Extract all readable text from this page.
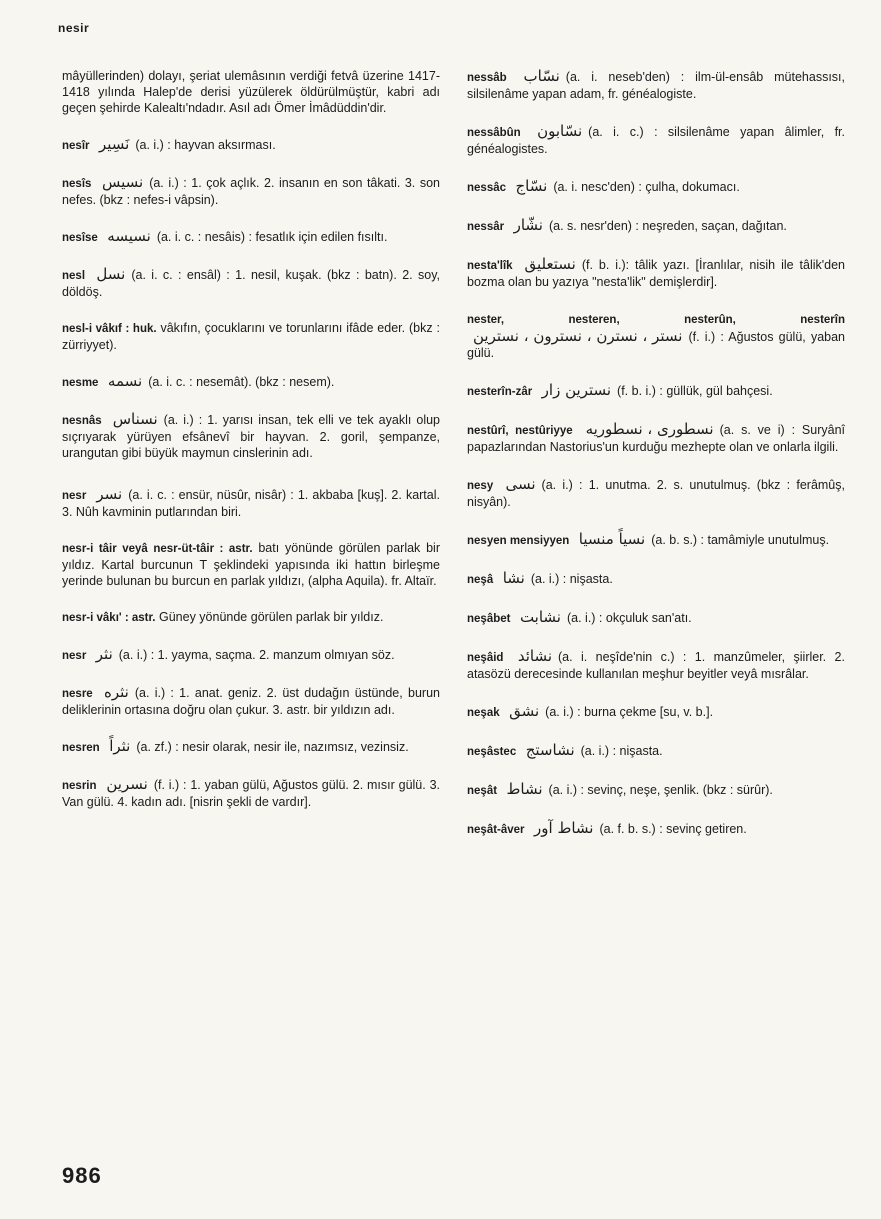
nesir
mâyüllerinden) dolayı, şeriat ulemâsının verdiği fetvâ üzerine 1417-1418 yılında Halep'de derisi yüzülerek öldürülmüştür, kabri adı geçen şehirde Kalealtı'ndadır. Asıl adı Ömer İmâdüddin'dir.
nesîr نَسِير (a. i.) : hayvan aksırması.
nesîs نسيس (a. i.) : 1. çok açlık. 2. insanın en son tâkati. 3. son nefes. (bkz : nefes-i vâpsin).
nesîse نسيسه (a. i. c. : nesâis) : fesatlık için edilen fısıltı.
nesl نسل (a. i. c. : ensâl) : 1. nesil, kuşak. (bkz : batn). 2. soy, döldöş.
nesl-i vâkıf : huk. vâkıfın, çocuklarını ve torunlarını ifâde eder. (bkz : zürriyyet).
nesme نسمه (a. i. c. : nesemât). (bkz : nesem).
nesnâs نسناس (a. i.) : 1. yarısı insan, tek elli ve tek ayaklı olup sıçrıyarak yürüyen efsânevî bir hayvan. 2. goril, şempanze, urangutan gibi büyük maymun cinslerinin adı.
nesr نسر (a. i. c. : ensür, nüsûr, nisâr) : 1. akbaba [kuş]. 2. kartal. 3. Nûh kavminin putlarından biri.
nesr-i tâir veyâ nesr-üt-tâir : astr. batı yönünde görülen parlak bir yıldız. Kartal burcunun T şeklindeki yapısında iki hattın birleşme yerinde bulunan bu burcun en parlak yıldızı, (alpha Aquila). fr. Altaïr.
nesr-i vâkı' : astr. Güney yönünde görülen parlak bir yıldız.
nesr نثر (a. i.) : 1. yayma, saçma. 2. manzum olmıyan söz.
nesre نثره (a. i.) : 1. anat. geniz. 2. üst dudağın üstünde, burun deliklerinin ortasına doğru olan çukur. 3. astr. bir yıldızın adı.
nesren نثراً (a. zf.) : nesir olarak, nesir ile, nazımsız, vezinsiz.
nesrin نسرين (f. i.) : 1. yaban gülü, Ağustos gülü. 2. mısır gülü. 3. Van gülü. 4. kadın adı. [nisrin şekli de vardır].
nessâb نسّاب (a. i. neseb'den) : ilm-ül-ensâb mütehassısı, silsilenâme yapan adam, fr. généalogiste.
nessâbûn نسّابون (a. i. c.) : silsilenâme yapan âlimler, fr. généalogistes.
nessâc نسّاج (a. i. nesc'den) : çulha, dokumacı.
nessâr نشّار (a. s. nesr'den) : neşreden, saçan, dağıtan.
nesta'lîk نستعليق (f. b. i.): tâlik yazı. [İranlılar, nisih ile tâlik'den bozma olan bu yazıya "nesta'lik" demişlerdir].
nester, nesteren, nesterûn, nesterîn نستر ، نسترن ، نسترون ، نسترين (f. i.) : Ağustos gülü, yaban gülü.
nesterîn-zâr نسترين زار (f. b. i.) : güllük, gül bahçesi.
nestûrî, nestûriyye نسطورى ، نسطوريه (a. s. ve i) : Suryânî papazlarından Nastorius'un kurduğu mezhepte olan ve onlarla ilgili.
nesy نسى (a. i.) : 1. unutma. 2. s. unutulmuş. (bkz : ferâmûş, nisyân).
nesyen mensiyyen نسياً منسيا (a. b. s.) : tamâmiyle unutulmuş.
neşâ نشا (a. i.) : nişasta.
neşâbet نشابت (a. i.) : okçuluk san'atı.
neşâid نشائد (a. i. neşîde'nin c.) : 1. manzûmeler, şiirler. 2. atasözü derecesinde kullanılan meşhur beyitler veyâ mısrâlar.
neşak نشق (a. i.) : burna çekme [su, v. b.].
neşâstec نشاستج (a. i.) : nişasta.
neşât نشاط (a. i.) : sevinç, neşe, şenlik. (bkz : sürûr).
neşât-âver نشاط آور (a. f. b. s.) : sevinç getiren.
986
